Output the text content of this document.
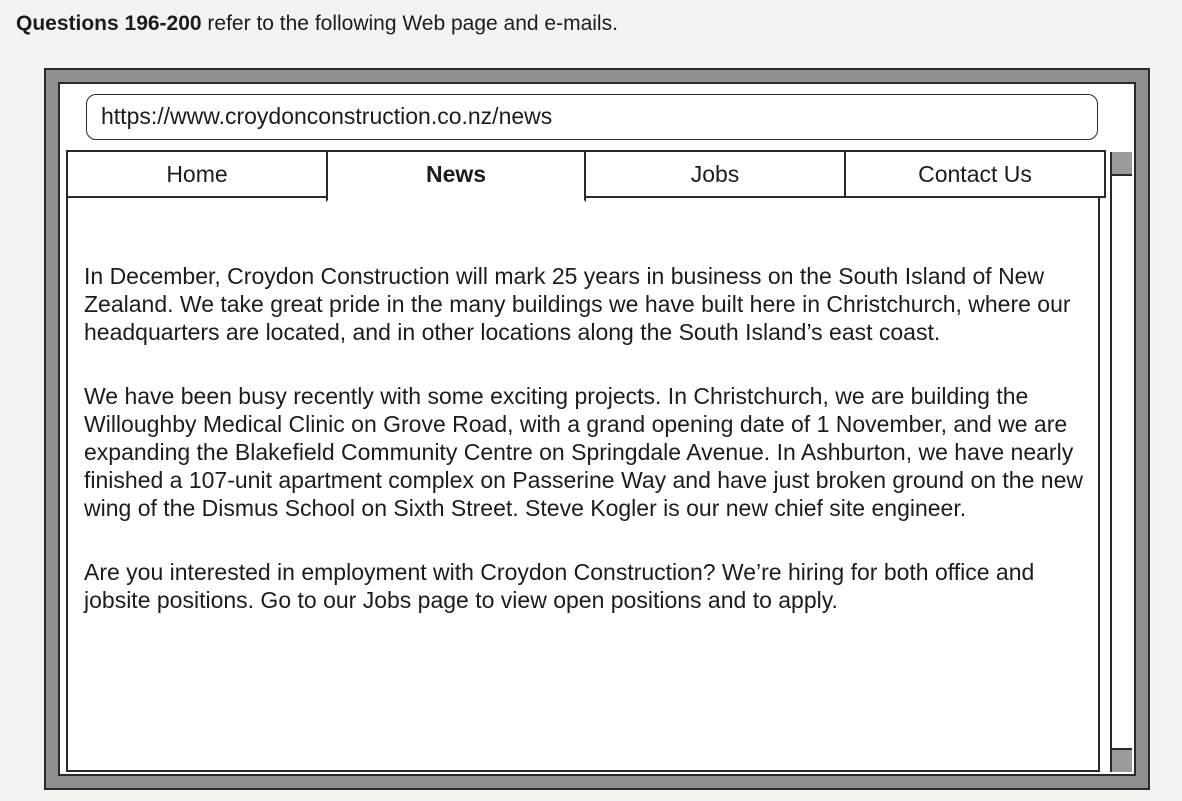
Questions 196-200 refer to the following Web page and e-mails.
https://www.croydonconstruction.co.nz/news
Home	Jobs	Contact Us
News

In December, Croydon Construction will mark 25 years in business on the South Island of New Zealand. We take great pride in the many buildings we have built here in Christchurch, where our headquarters are located, and in other locations along the South Island’s east coast.

We have been busy recently with some exciting projects. In Christchurch, we are building the Willoughby Medical Clinic on Grove Road, with a grand opening date of 1 November, and we are expanding the Blakefield Community Centre on Springdale Avenue. In Ashburton, we have nearly finished a 107-unit apartment complex on Passerine Way and have just broken ground on the new wing of the Dismus School on Sixth Street. Steve Kogler is our new chief site engineer.

Are you interested in employment with Croydon Construction? We’re hiring for both office and jobsite positions. Go to our Jobs page to view open positions and to apply.
